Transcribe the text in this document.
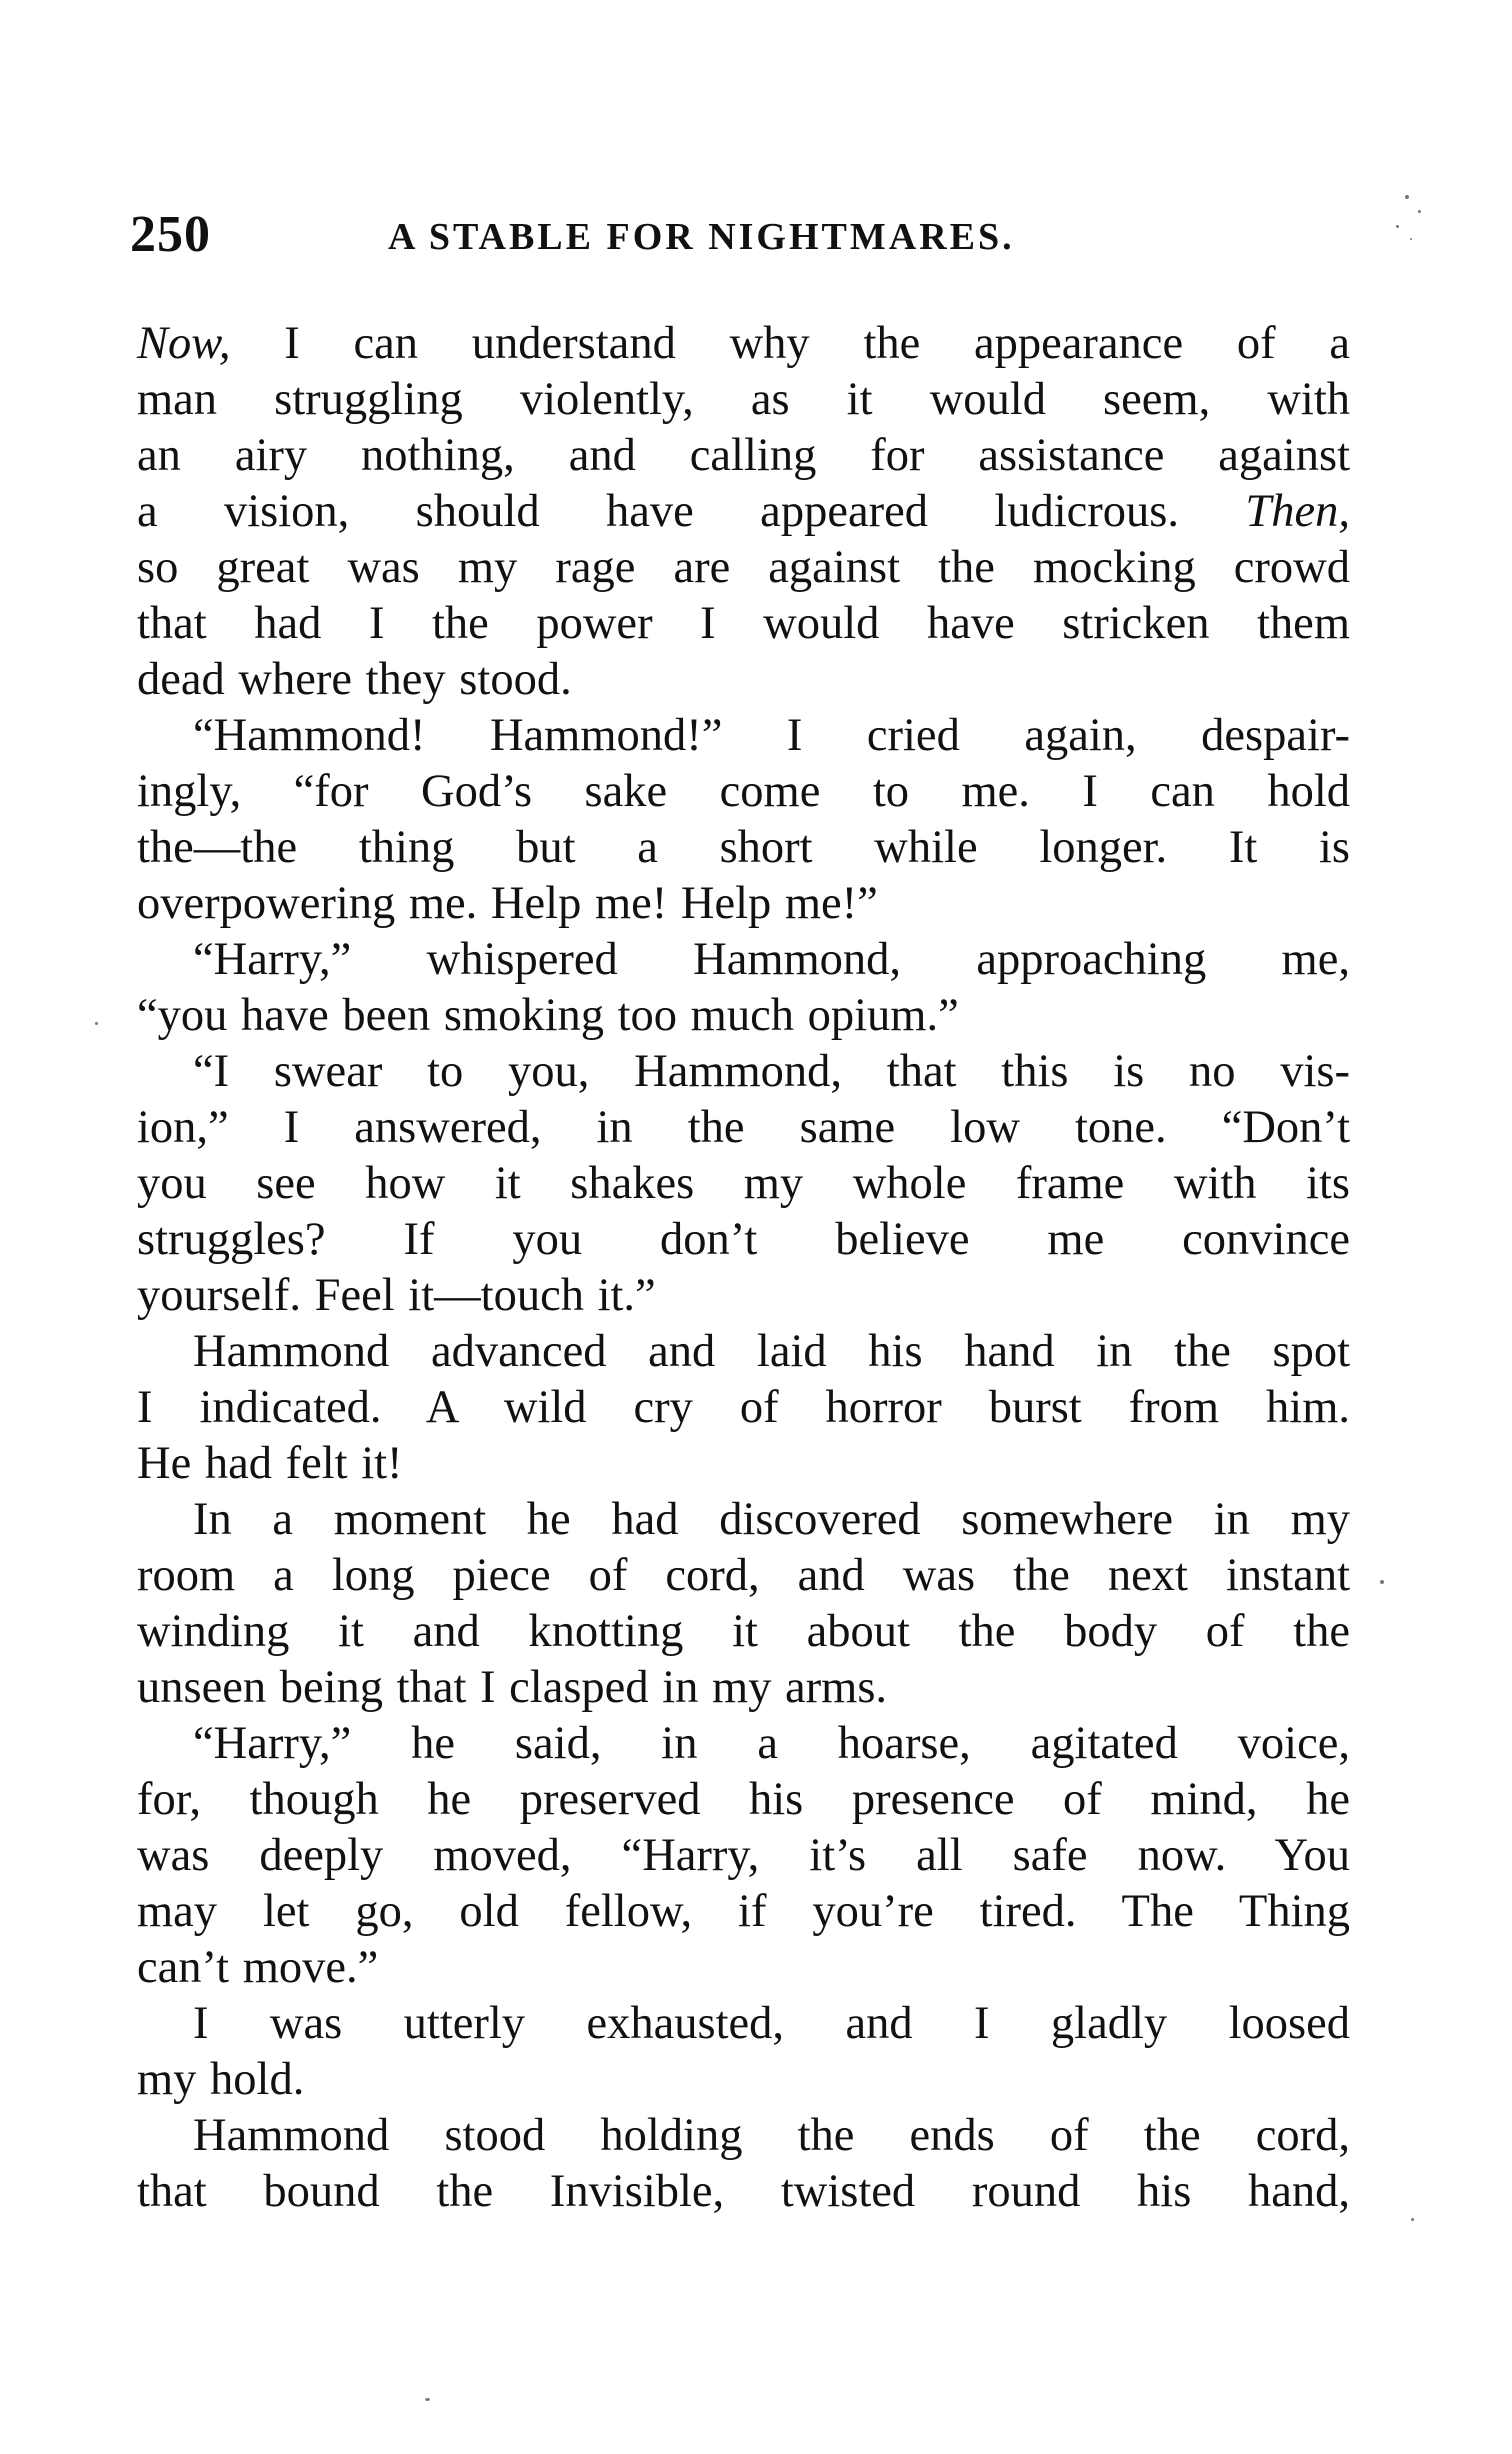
250	A STABLE FOR NIGHTMARES.
Now, I can understand why the appearance of a
man struggling violently, as it would seem, with
an airy nothing, and calling for assistance against
a vision, should have appeared ludicrous. Then,
so great was my rage are against the mocking crowd
that had I the power I would have stricken them
dead where they stood.
“Hammond! Hammond!” I cried again, despair-
ingly, “for God’s sake come to me. I can hold
the—the thing but a short while longer. It is
overpowering me. Help me! Help me!”
“Harry,” whispered Hammond, approaching me,
“you have been smoking too much opium.”
“I swear to you, Hammond, that this is no vis-
ion,” I answered, in the same low tone. “Don’t
you see how it shakes my whole frame with its
struggles? If you don’t believe me convince
yourself. Feel it—touch it.”
Hammond advanced and laid his hand in the spot
I indicated. A wild cry of horror burst from him.
He had felt it!
In a moment he had discovered somewhere in my
room a long piece of cord, and was the next instant
winding it and knotting it about the body of the
unseen being that I clasped in my arms.
“Harry,” he said, in a hoarse, agitated voice,
for, though he preserved his presence of mind, he
was deeply moved, “Harry, it’s all safe now. You
may let go, old fellow, if you’re tired. The Thing
can’t move.”
I was utterly exhausted, and I gladly loosed
my hold.
Hammond stood holding the ends of the cord,
that bound the Invisible, twisted round his hand,
